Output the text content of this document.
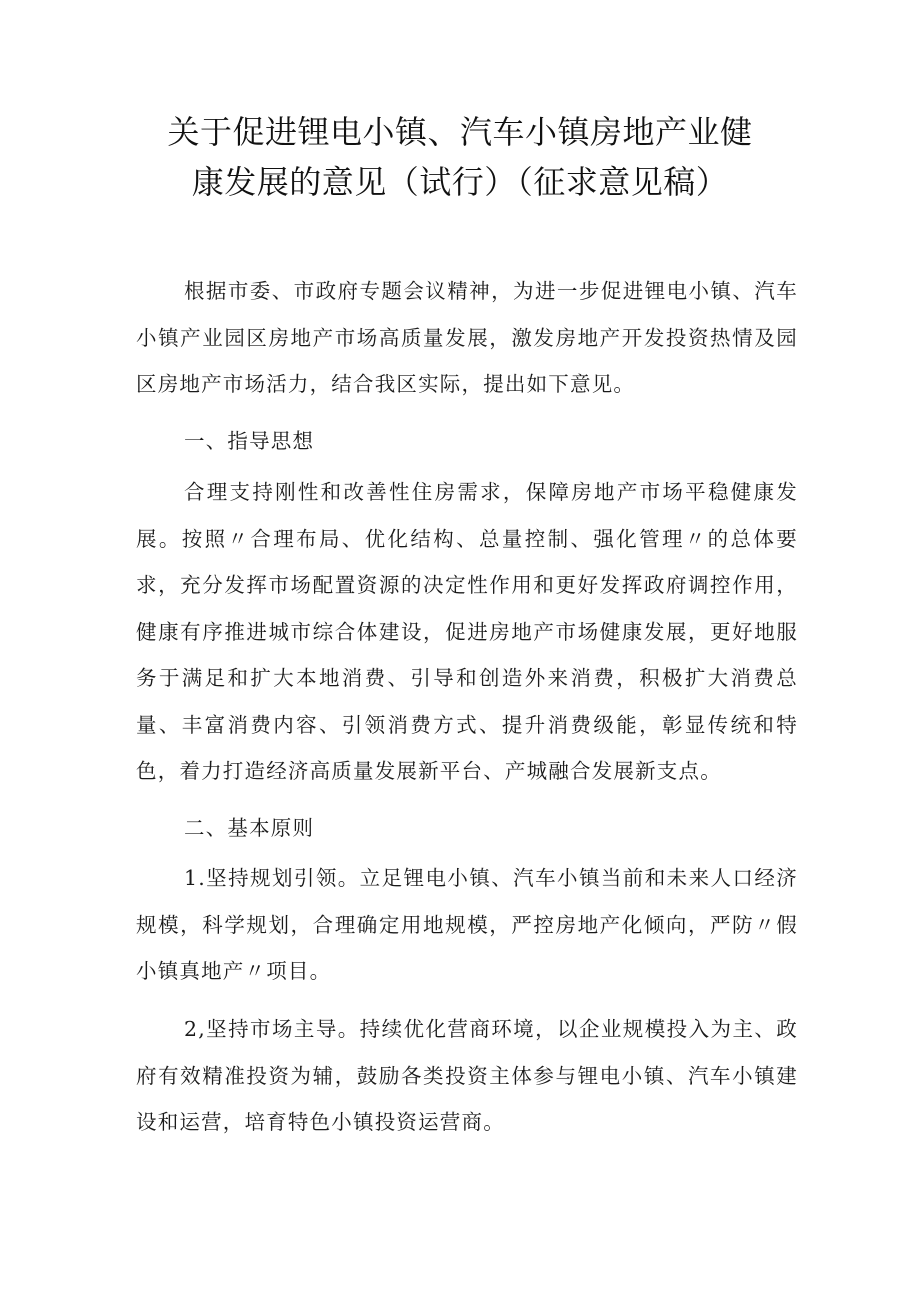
关于促进锂电小镇、汽车小镇房地产业健
康发展的意见（试行）（征求意见稿）

根据市委、市政府专题会议精神，为进一步促进锂电小镇、汽车小镇产业园区房地产市场高质量发展，激发房地产开发投资热情及园区房地产市场活力，结合我区实际，提出如下意见。

一、指导思想

合理支持刚性和改善性住房需求，保障房地产市场平稳健康发展。按照〃合理布局、优化结构、总量控制、强化管理〃的总体要求，充分发挥市场配置资源的决定性作用和更好发挥政府调控作用，健康有序推进城市综合体建设，促进房地产市场健康发展，更好地服务于满足和扩大本地消费、引导和创造外来消费，积极扩大消费总量、丰富消费内容、引领消费方式、提升消费级能，彰显传统和特色，着力打造经济高质量发展新平台、产城融合发展新支点。

二、基本原则

1.坚持规划引领。立足锂电小镇、汽车小镇当前和未来人口经济规模，科学规划，合理确定用地规模，严控房地产化倾向，严防〃假小镇真地产〃项目。

2,坚持市场主导。持续优化营商环境，以企业规模投入为主、政府有效精准投资为辅，鼓励各类投资主体参与锂电小镇、汽车小镇建设和运营，培育特色小镇投资运营商。
